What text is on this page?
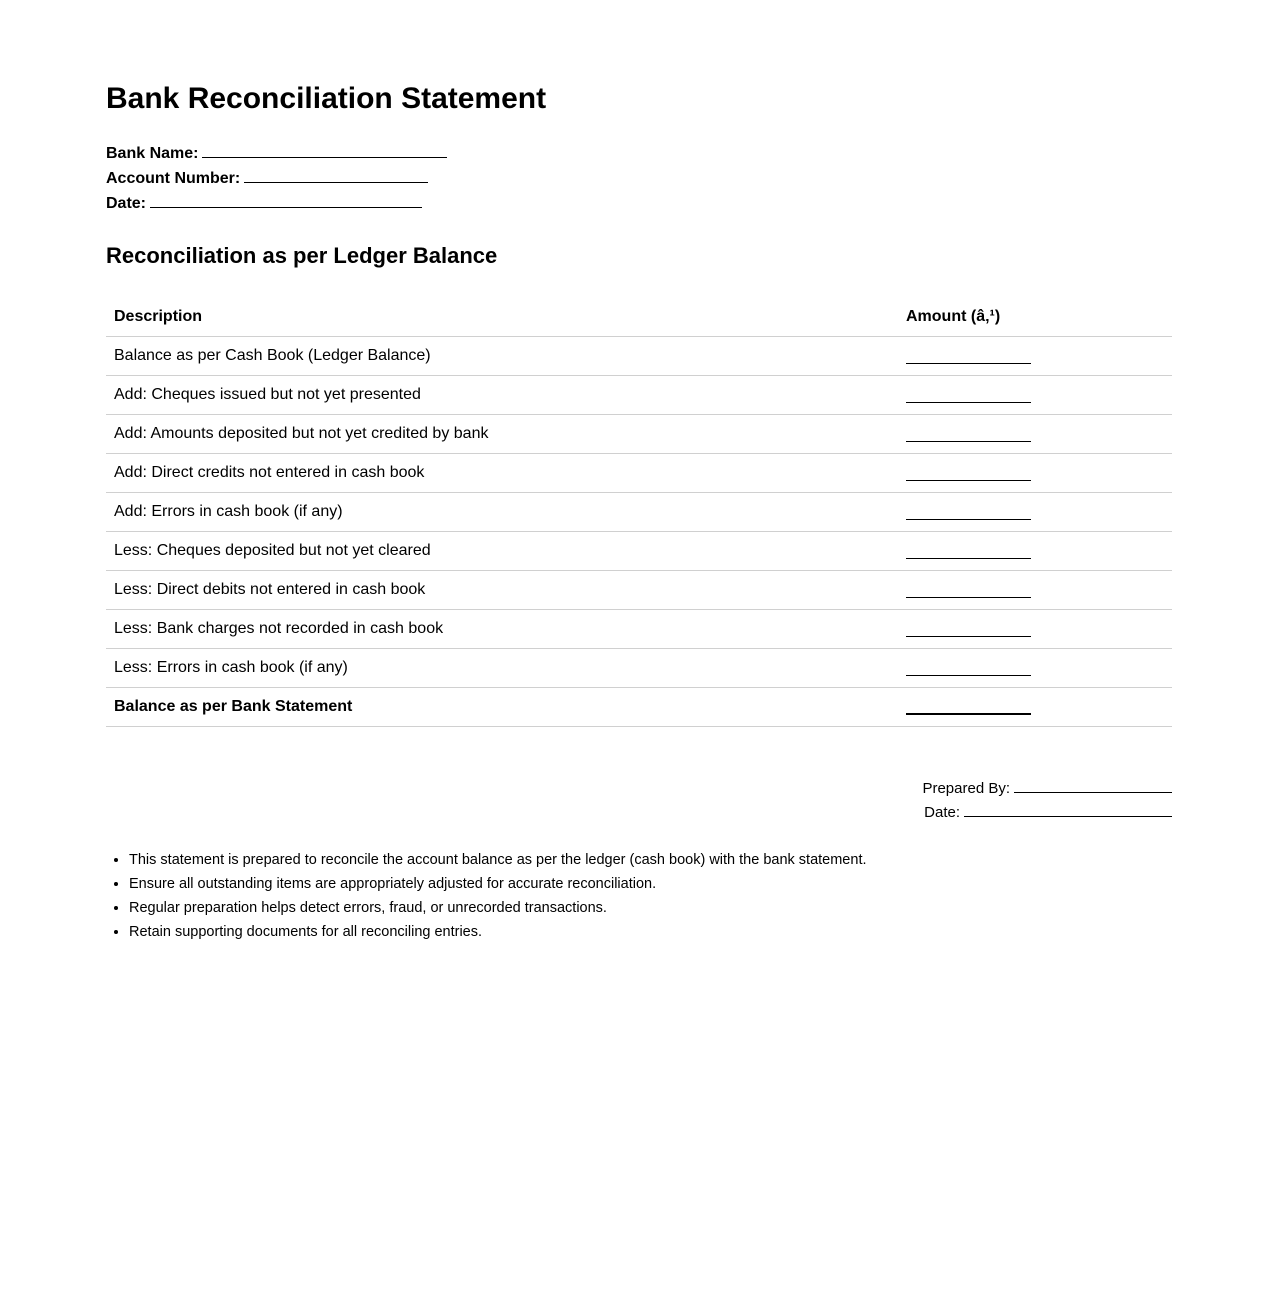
Bank Reconciliation Statement
Bank Name:
Account Number:
Date:
Reconciliation as per Ledger Balance
Description	Amount (â‚¹)
Balance as per Cash Book (Ledger Balance)	

Add: Cheques issued but not yet presented	

Add: Amounts deposited but not yet credited by bank	

Add: Direct credits not entered in cash book	

Add: Errors in cash book (if any)	

Less: Cheques deposited but not yet cleared	

Less: Direct debits not entered in cash book	

Less: Bank charges not recorded in cash book	

Less: Errors in cash book (if any)	

Balance as per Bank Statement	
Prepared By:
Date:
• This statement is prepared to reconcile the account balance as per the ledger (cash book) with the bank statement.
• Ensure all outstanding items are appropriately adjusted for accurate reconciliation.
• Regular preparation helps detect errors, fraud, or unrecorded transactions.
• Retain supporting documents for all reconciling entries.
